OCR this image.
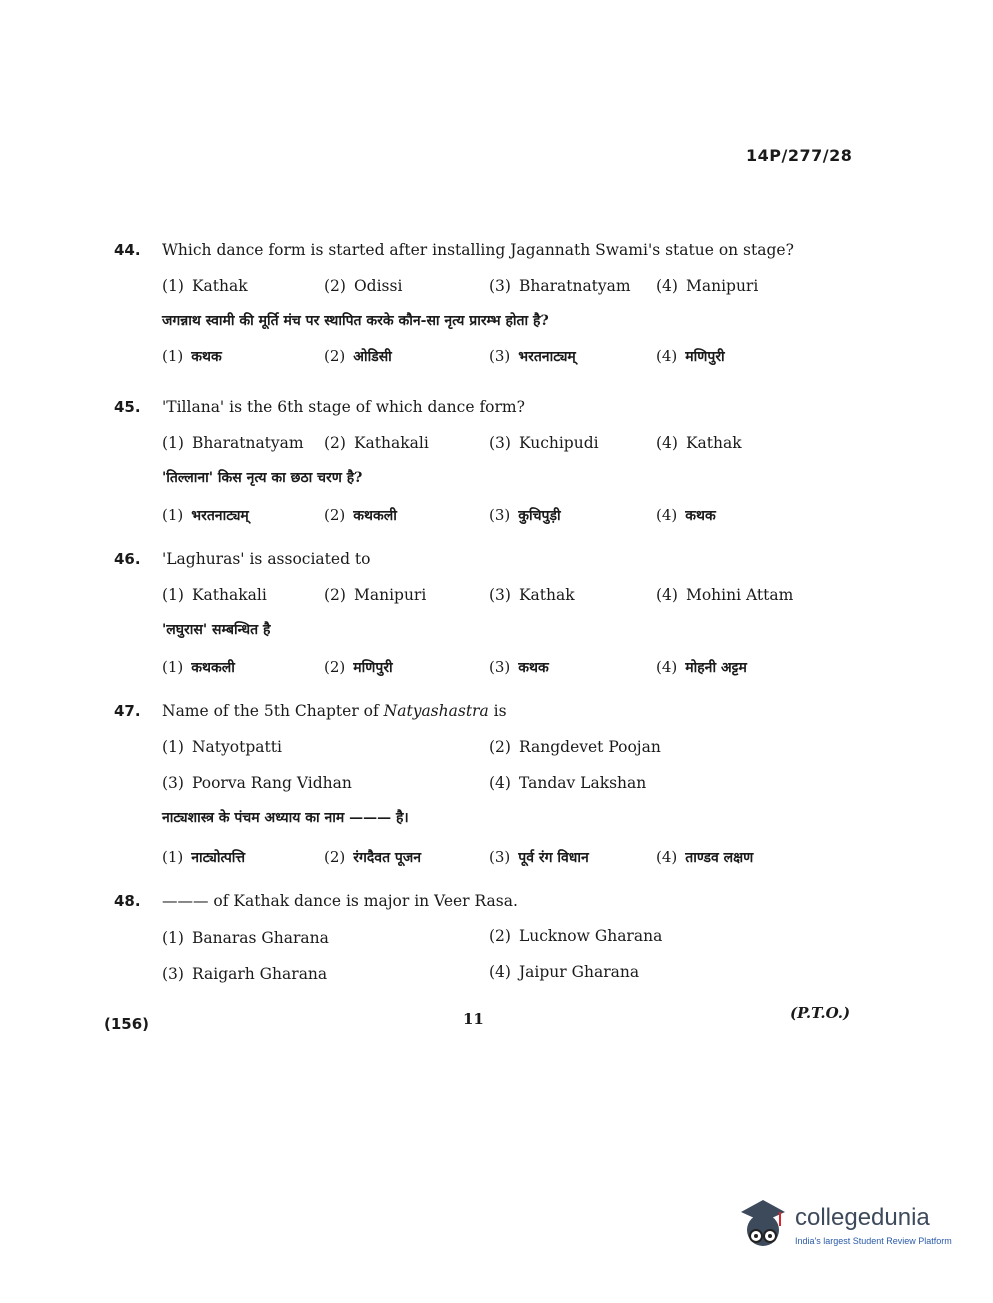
14P/277/28
44. Which dance form is started after installing Jagannath Swami's statue on stage?
(1) Kathak	(2) Odissi	(3) Bharatnatyam (4) Manipuri
जगन्नाथ स्वामी की मूर्ति मंच पर स्थापित करके कौन-सा नृत्य प्रारम्भ होता है?
(1) कथक	(2) ओडिसी	(3) भरतनाट्यम्	(4) मणिपुरी
45. 'Tillana' is the 6th stage of which dance form?
(1) Bharatnatyam (2) Kathakali	(3) Kuchipudi	(4) Kathak
'तिल्लाना' किस नृत्य का छठा चरण है?
(1) भरतनाट्यम्	(2) कथकली	(3) कुचिपुड़ी	(4) कथक
46. 'Laghuras' is associated to
(1) Kathakali	(2) Manipuri	(3) Kathak	(4) Mohini Attam
'लघुरास' सम्बन्धित है
(1) कथकली	(2) मणिपुरी	(3) कथक	(4) मोहनी अट्टम
47. Name of the 5th Chapter of Natyashastra is
(1) Natyotpatti	(2) Rangdevet Poojan
(3) Poorva Rang Vidhan	(4) Tandav Lakshan
नाट्यशास्त्र के पंचम अध्याय का नाम ——— है।
(1) नाट्योत्पत्ति	(2) रंगदैवत पूजन	(3) पूर्व रंग विधान	(4) ताण्डव लक्षण
48. ——— of Kathak dance is major in Veer Rasa.
(1) Banaras Gharana	(2) Lucknow Gharana
(3) Raigarh Gharana	(4) Jaipur Gharana
(156)	11	(P.T.O.)
collegedunia
India's largest Student Review Platform
